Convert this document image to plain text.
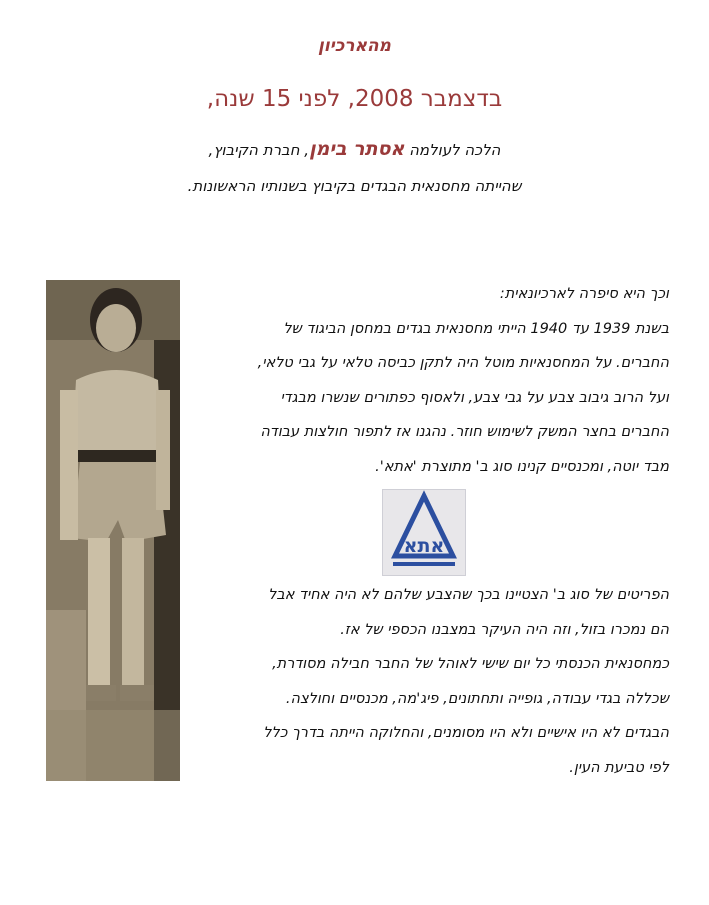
מהארכיון
בדצמבר 2008, לפני 15 שנה,
הלכה לעולמה אסתר בימן, חברת הקיבוץ,
שהייתה מחסנאית הבגדים בקיבוץ בשנותיו הראשונות.
וכך היא סיפרה לארכיונאית:
בשנת 1939 עד 1940 הייתי מחסנאית בגדים במחסן הביגוד של
החברים. על המחסנאיות מוטל היה לתקן כביסה טלאי על גבי טלאי,
ועל הרוב גיבוב צבע על גבי צבע, ולאסוף כפתורים שנשרו מבגדי
החברים בחצר המשק לשימוש חוזר. נהגנו אז לתפור חולצות עבודה
מבד יוטה, ומכנסיים קנינו סוג ב' מתוצרת 'אתא'.
אתא
הפריטים של סוג ב' הצטיינו בכך שהצבע שלהם לא היה אחיד אבל
הם נמכרו בזול, וזה היה העיקר במצבנו הכספי של אז.
כמחסנאית הכנסתי כל יום שישי לאוהל של החבר חבילה מסודרת,
שכללה בגדי עבודה, גופייה ותחתונים, פיג'מה, מכנסיים וחולצה.
הבגדים לא היו אישיים ולא היו מסומנים, והחלוקה הייתה בדרך כלל
לפי טביעת העין.
